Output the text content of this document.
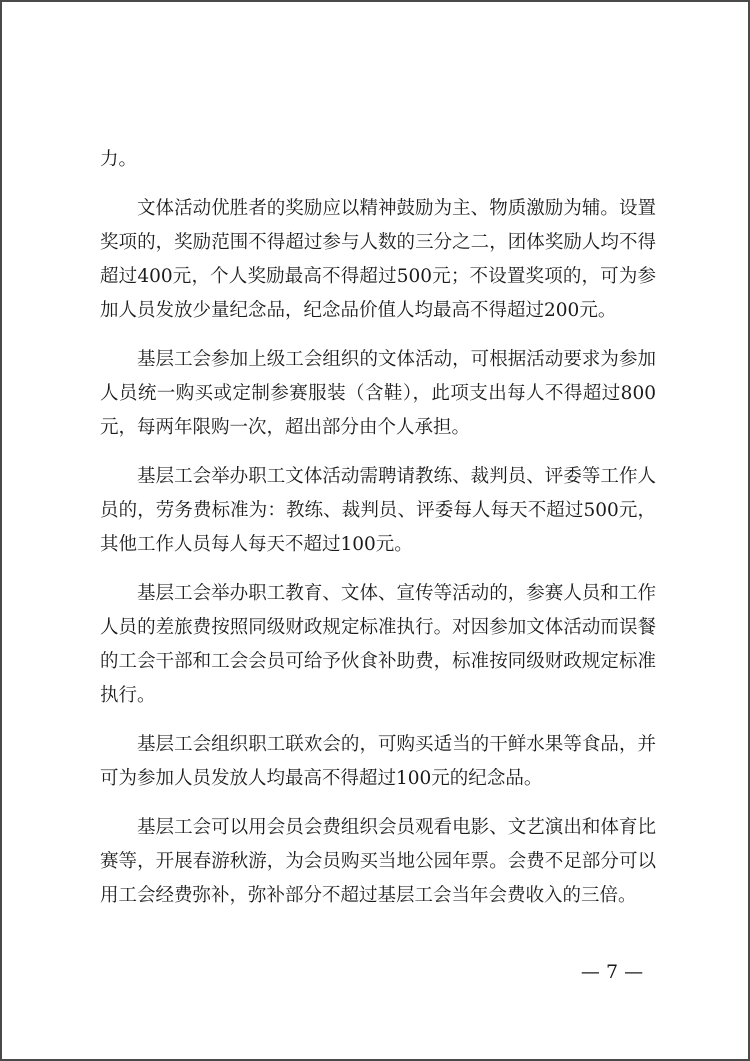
力。

文体活动优胜者的奖励应以精神鼓励为主、物质激励为辅。设置奖项的，奖励范围不得超过参与人数的三分之二，团体奖励人均不得超过400元，个人奖励最高不得超过500元；不设置奖项的，可为参加人员发放少量纪念品，纪念品价值人均最高不得超过200元。

基层工会参加上级工会组织的文体活动，可根据活动要求为参加人员统一购买或定制参赛服装（含鞋），此项支出每人不得超过800元，每两年限购一次，超出部分由个人承担。

基层工会举办职工文体活动需聘请教练、裁判员、评委等工作人员的，劳务费标准为：教练、裁判员、评委每人每天不超过500元，其他工作人员每人每天不超过100元。

基层工会举办职工教育、文体、宣传等活动的，参赛人员和工作人员的差旅费按照同级财政规定标准执行。对因参加文体活动而误餐的工会干部和工会会员可给予伙食补助费，标准按同级财政规定标准执行。

基层工会组织职工联欢会的，可购买适当的干鲜水果等食品，并可为参加人员发放人均最高不得超过100元的纪念品。

基层工会可以用会员会费组织会员观看电影、文艺演出和体育比赛等，开展春游秋游，为会员购买当地公园年票。会费不足部分可以用工会经费弥补，弥补部分不超过基层工会当年会费收入的三倍。

— 7 —
